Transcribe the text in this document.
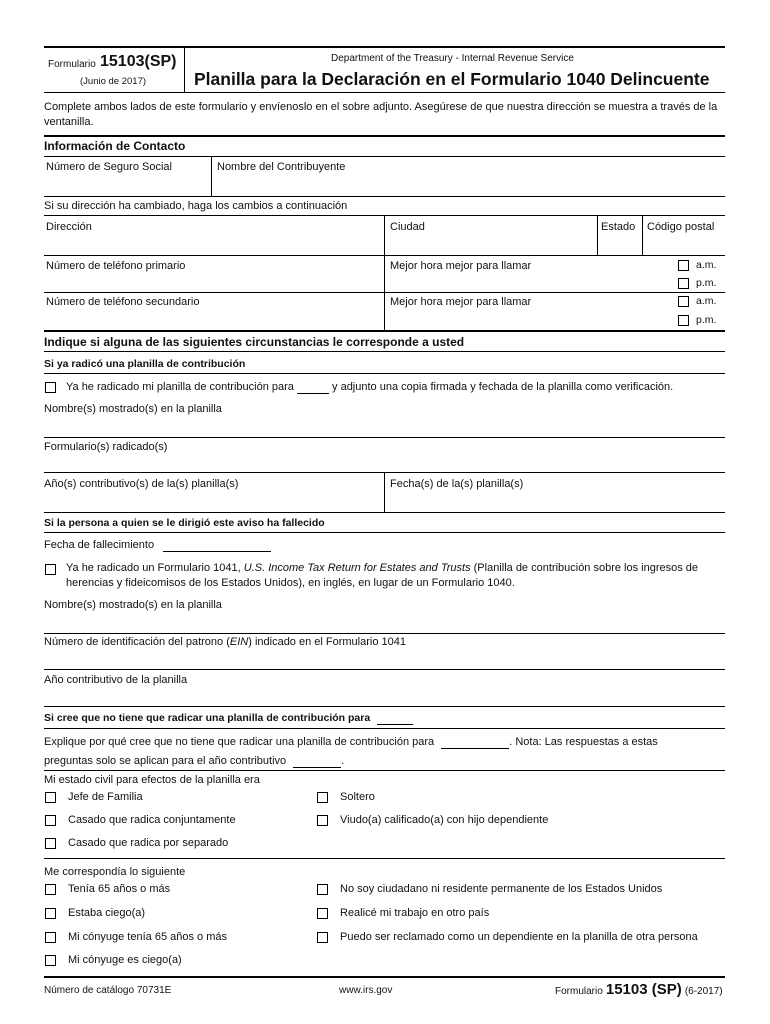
Formulario 15103(SP)
(Junio de 2017)
Department of the Treasury - Internal Revenue Service
Planilla para la Declaración en el Formulario 1040 Delincuente
Complete ambos lados de este formulario y envíenoslo en el sobre adjunto. Asegúrese de que nuestra dirección se muestra a través de la ventanilla.
Información de Contacto
Número de Seguro Social	Nombre del Contribuyente
Si su dirección ha cambiado, haga los cambios a continuación
Dirección	Ciudad	Estado Código postal
Número de teléfono primario	Mejor hora mejor para llamar	a.m.
p.m.
Número de teléfono secundario	Mejor hora mejor para llamar	a.m.
p.m.
Indique si alguna de las siguientes circunstancias le corresponde a usted
Si ya radicó una planilla de contribución
Ya he radicado mi planilla de contribución para	y adjunto una copia firmada y fechada de la planilla como verificación.
Nombre(s) mostrado(s) en la planilla
Formulario(s) radicado(s)
Año(s) contributivo(s) de la(s) planilla(s)	Fecha(s) de la(s) planilla(s)
Si la persona a quien se le dirigió este aviso ha fallecido
Fecha de fallecimiento
Ya he radicado un Formulario 1041, U.S. Income Tax Return for Estates and Trusts (Planilla de contribución sobre los ingresos de herencias y fideicomisos de los Estados Unidos), en inglés, en lugar de un Formulario 1040.
Nombre(s) mostrado(s) en la planilla
Número de identificación del patrono (EIN) indicado en el Formulario 1041
Año contributivo de la planilla
Si cree que no tiene que radicar una planilla de contribución para
Explique por qué cree que no tiene que radicar una planilla de contribución para	. Nota: Las respuestas a estas
preguntas solo se aplican para el año contributivo	.
Mi estado civil para efectos de la planilla era
Jefe de Familia	Soltero
Casado que radica conjuntamente	Viudo(a) calificado(a) con hijo dependiente
Casado que radica por separado
Me correspondía lo siguiente
Tenía 65 años o más	No soy ciudadano ni residente permanente de los Estados Unidos
Estaba ciego(a)	Realicé mi trabajo en otro país
Mi cónyuge tenía 65 años o más	Puedo ser reclamado como un dependiente en la planilla de otra persona
Mi cónyuge es ciego(a)
Número de catálogo 70731E	www.irs.gov	Formulario 15103 (SP) (6-2017)
